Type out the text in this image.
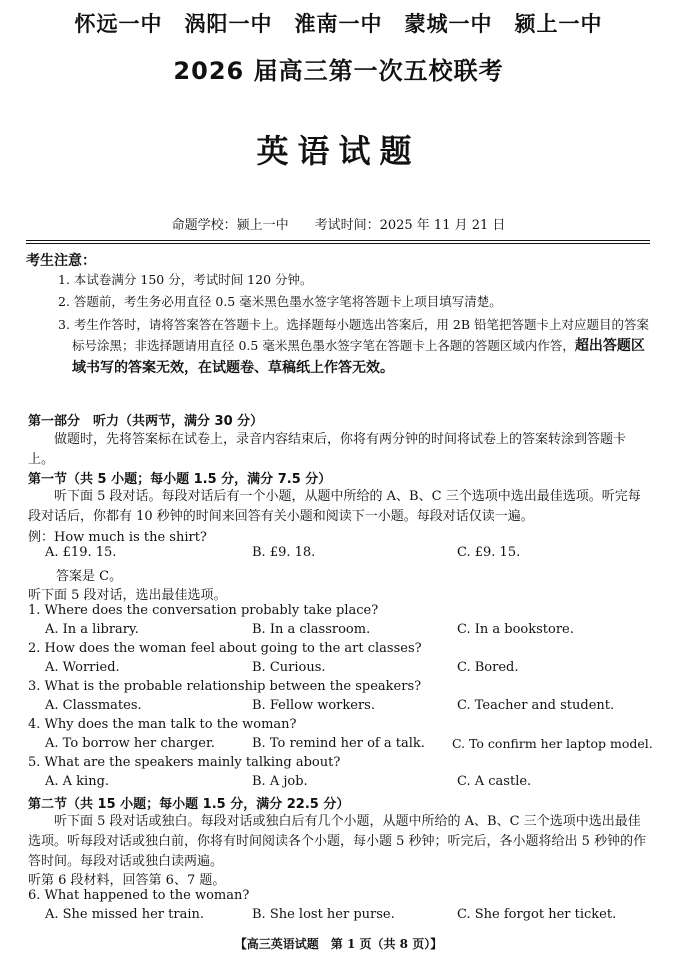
怀远一中　涡阳一中　淮南一中　蒙城一中　颍上一中
2026 届高三第一次五校联考
英语试题
命题学校：颍上一中　　考试时间：2025 年 11 月 21 日
考生注意：
1. 本试卷满分 150 分，考试时间 120 分钟。
2. 答题前，考生务必用直径 0.5 毫米黑色墨水签字笔将答题卡上项目填写清楚。
3. 考生作答时，请将答案答在答题卡上。选择题每小题选出答案后，用 2B 铅笔把答题卡上对应题目的答案标号涂黑；非选择题请用直径 0.5 毫米黑色墨水签字笔在答题卡上各题的答题区域内作答，超出答题区域书写的答案无效，在试题卷、草稿纸上作答无效。
第一部分　听力（共两节，满分 30 分）
做题时，先将答案标在试卷上，录音内容结束后，你将有两分钟的时间将试卷上的答案转涂到答题卡上。
第一节（共 5 小题；每小题 1.5 分，满分 7.5 分）
听下面 5 段对话。每段对话后有一个小题，从题中所给的 A、B、C 三个选项中选出最佳选项。听完每段对话后，你都有 10 秒钟的时间来回答有关小题和阅读下一小题。每段对话仅读一遍。
例：How much is the shirt?
A. £19. 15.	B. £9. 18.	C. £9. 15.
答案是 C。
听下面 5 段对话，选出最佳选项。
1. Where does the conversation probably take place?
A. In a library.	B. In a classroom.	C. In a bookstore.
2. How does the woman feel about going to the art classes?
A. Worried.	B. Curious.	C. Bored.
3. What is the probable relationship between the speakers?
A. Classmates.	B. Fellow workers.	C. Teacher and student.
4. Why does the man talk to the woman?
A. To borrow her charger.	B. To remind her of a talk. C. To confirm her laptop model.
5. What are the speakers mainly talking about?
A. A king.	B. A job.	C. A castle.
第二节（共 15 小题；每小题 1.5 分，满分 22.5 分）
听下面 5 段对话或独白。每段对话或独白后有几个小题，从题中所给的 A、B、C 三个选项中选出最佳选项。听每段对话或独白前，你将有时间阅读各个小题，每小题 5 秒钟；听完后，各小题将给出 5 秒钟的作答时间。每段对话或独白读两遍。
听第 6 段材料，回答第 6、7 题。
6. What happened to the woman?
A. She missed her train.	B. She lost her purse.	C. She forgot her ticket.
【高三英语试题　第 1 页（共 8 页）】
